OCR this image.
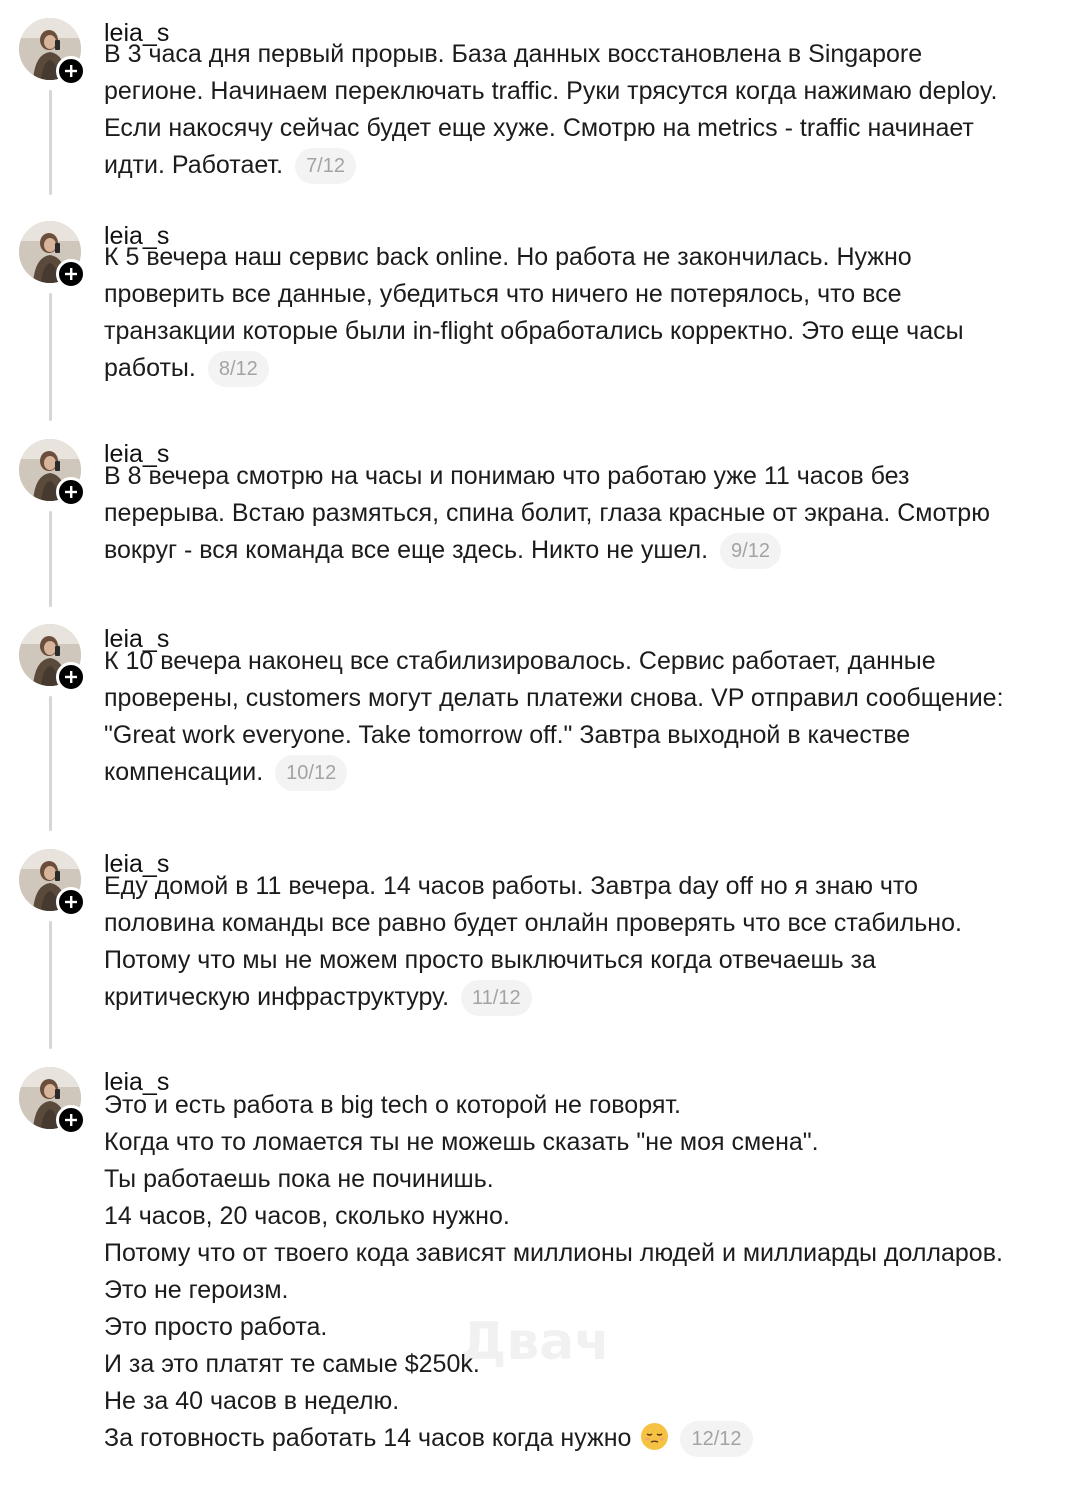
leia_s

В 3 часа дня первый прорыв. База данных восстановлена в Singapore

регионе. Начинаем переключать traffic. Руки трясутся когда нажимаю deploy.

Если накосячу сейчас будет еще хуже. Смотрю на metrics - traffic начинает

идти. Работает. 7/12

leia_s

К 5 вечера наш сервис back online. Но работа не закончилась. Нужно

проверить все данные, убедиться что ничего не потерялось, что все

транзакции которые были in-flight обработались корректно. Это еще часы

работы. 8/12

leia_s

В 8 вечера смотрю на часы и понимаю что работаю уже 11 часов без

перерыва. Встаю размяться, спина болит, глаза красные от экрана. Смотрю

вокруг - вся команда все еще здесь. Никто не ушел. 9/12

leia_s

К 10 вечера наконец все стабилизировалось. Сервис работает, данные

проверены, customers могут делать платежи снова. VP отправил сообщение:

"Great work everyone. Take tomorrow off." Завтра выходной в качестве

компенсации. 10/12

leia_s

Еду домой в 11 вечера. 14 часов работы. Завтра day off но я знаю что

половина команды все равно будет онлайн проверять что все стабильно.

Потому что мы не можем просто выключиться когда отвечаешь за

критическую инфраструктуру. 11/12

leia_s

Это и есть работа в big tech о которой не говорят.

Когда что то ломается ты не можешь сказать "не моя смена".

Ты работаешь пока не починишь.

14 часов, 20 часов, сколько нужно.

Потому что от твоего кода зависят миллионы людей и миллиарды долларов.

Это не героизм.

Это просто работа.

И за это платят те самые $250k.

Не за 40 часов в неделю.

За готовность работать 14 часов когда нужно	12/12

Двач
